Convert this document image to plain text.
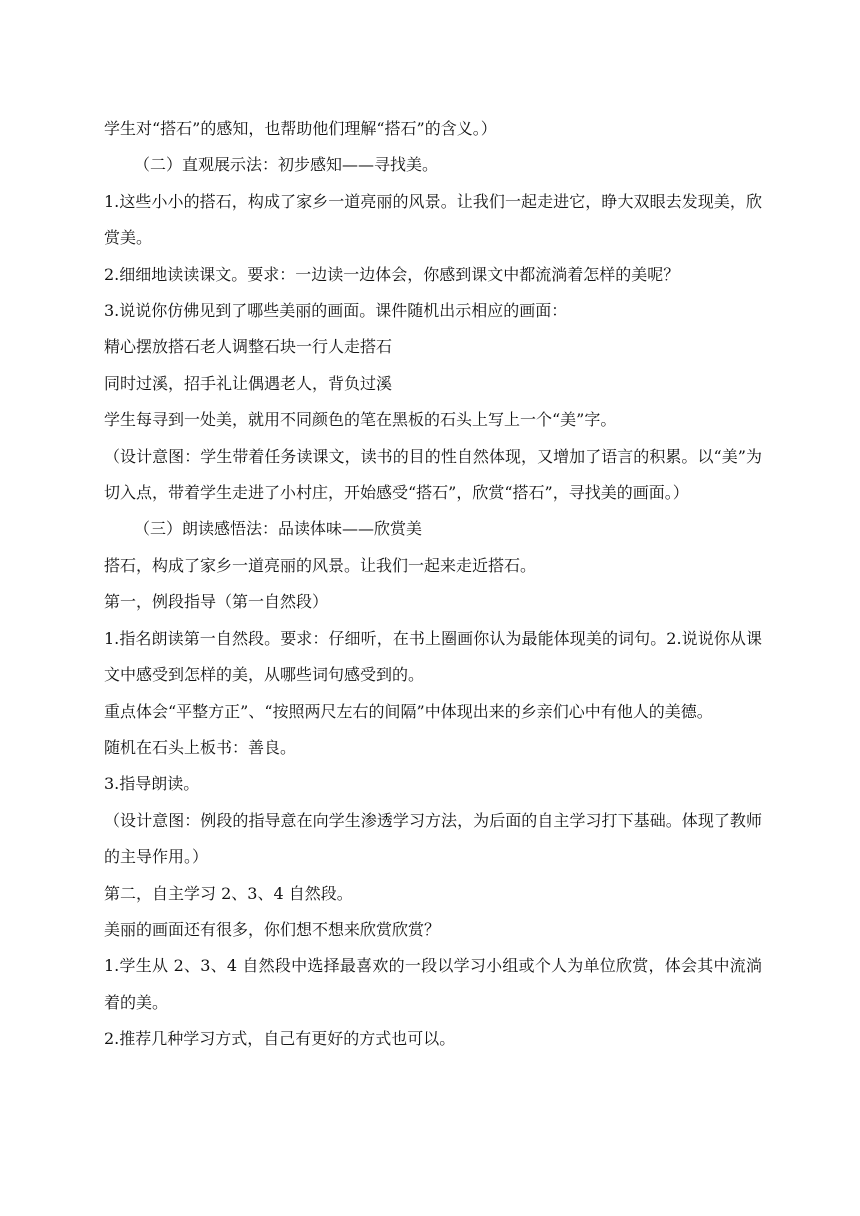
学生对“搭石”的感知，也帮助他们理解“搭石”的含义。）

（二）直观展示法：初步感知——寻找美。

1.这些小小的搭石，构成了家乡一道亮丽的风景。让我们一起走进它，睁大双眼去发现美，欣赏美。

2.细细地读读课文。要求：一边读一边体会，你感到课文中都流淌着怎样的美呢？

3.说说你仿佛见到了哪些美丽的画面。课件随机出示相应的画面：

精心摆放搭石老人调整石块一行人走搭石

同时过溪，招手礼让偶遇老人，背负过溪

学生每寻到一处美，就用不同颜色的笔在黑板的石头上写上一个“美”字。

（设计意图：学生带着任务读课文，读书的目的性自然体现，又增加了语言的积累。以“美”为切入点，带着学生走进了小村庄，开始感受“搭石”，欣赏“搭石”，寻找美的画面。）

（三）朗读感悟法：品读体味——欣赏美

搭石，构成了家乡一道亮丽的风景。让我们一起来走近搭石。

第一，例段指导（第一自然段）

1.指名朗读第一自然段。要求：仔细听，在书上圈画你认为最能体现美的词句。2.说说你从课文中感受到怎样的美，从哪些词句感受到的。

重点体会“平整方正”、“按照两尺左右的间隔”中体现出来的乡亲们心中有他人的美德。

随机在石头上板书：善良。

3.指导朗读。

（设计意图：例段的指导意在向学生渗透学习方法，为后面的自主学习打下基础。体现了教师的主导作用。）

第二，自主学习 2、3、4 自然段。

美丽的画面还有很多，你们想不想来欣赏欣赏？

1.学生从 2、3、4 自然段中选择最喜欢的一段以学习小组或个人为单位欣赏，体会其中流淌着的美。

2.推荐几种学习方式，自己有更好的方式也可以。
